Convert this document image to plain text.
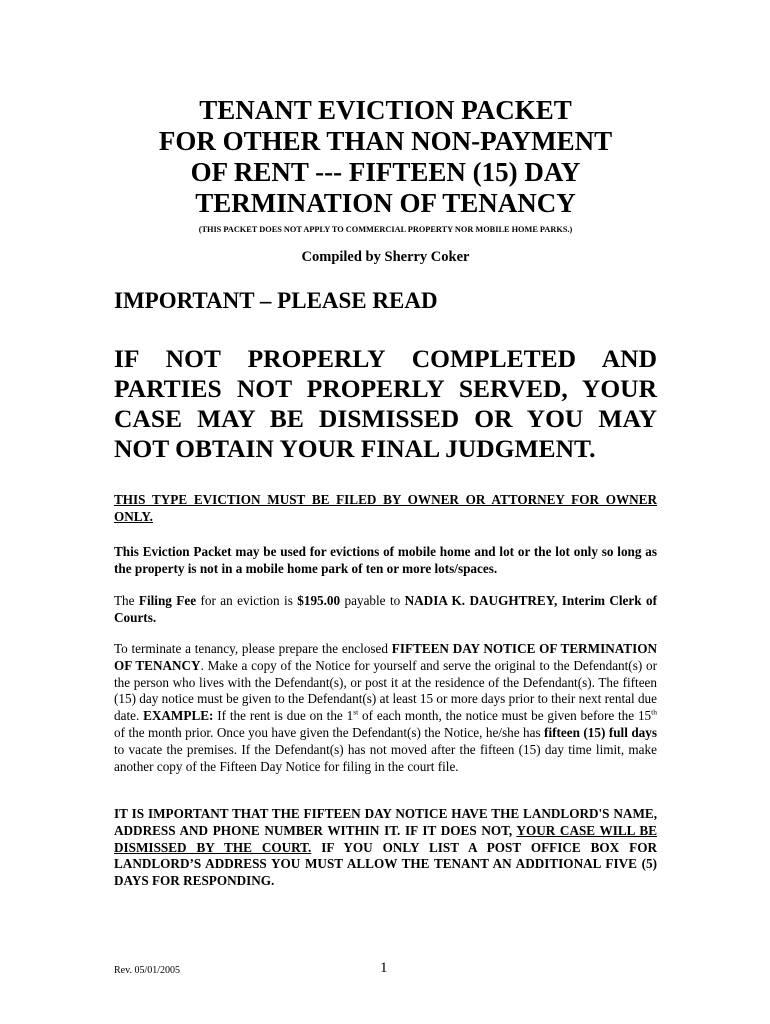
TENANT EVICTION PACKET
FOR OTHER THAN NON-PAYMENT
OF RENT --- FIFTEEN (15) DAY
TERMINATION OF TENANCY
(THIS PACKET DOES NOT APPLY TO COMMERCIAL PROPERTY NOR MOBILE HOME PARKS.)
Compiled by Sherry Coker
IMPORTANT – PLEASE READ
IF NOT PROPERLY COMPLETED AND PARTIES NOT PROPERLY SERVED, YOUR CASE MAY BE DISMISSED OR YOU MAY NOT OBTAIN YOUR FINAL JUDGMENT.
THIS TYPE EVICTION MUST BE FILED BY OWNER OR ATTORNEY FOR OWNER ONLY.
This Eviction Packet may be used for evictions of mobile home and lot or the lot only so long as the property is not in a mobile home park of ten or more lots/spaces.
The Filing Fee for an eviction is $195.00 payable to NADIA K. DAUGHTREY, Interim Clerk of Courts.
To terminate a tenancy, please prepare the enclosed FIFTEEN DAY NOTICE OF TERMINATION OF TENANCY. Make a copy of the Notice for yourself and serve the original to the Defendant(s) or the person who lives with the Defendant(s), or post it at the residence of the Defendant(s). The fifteen (15) day notice must be given to the Defendant(s) at least 15 or more days prior to their next rental due date. EXAMPLE: If the rent is due on the 1st of each month, the notice must be given before the 15th of the month prior. Once you have given the Defendant(s) the Notice, he/she has fifteen (15) full days to vacate the premises. If the Defendant(s) has not moved after the fifteen (15) day time limit, make another copy of the Fifteen Day Notice for filing in the court file.
IT IS IMPORTANT THAT THE FIFTEEN DAY NOTICE HAVE THE LANDLORD'S NAME, ADDRESS AND PHONE NUMBER WITHIN IT. IF IT DOES NOT, YOUR CASE WILL BE DISMISSED BY THE COURT. IF YOU ONLY LIST A POST OFFICE BOX FOR LANDLORD’S ADDRESS YOU MUST ALLOW THE TENANT AN ADDITIONAL FIVE (5) DAYS FOR RESPONDING.
Rev. 05/01/2005	1
